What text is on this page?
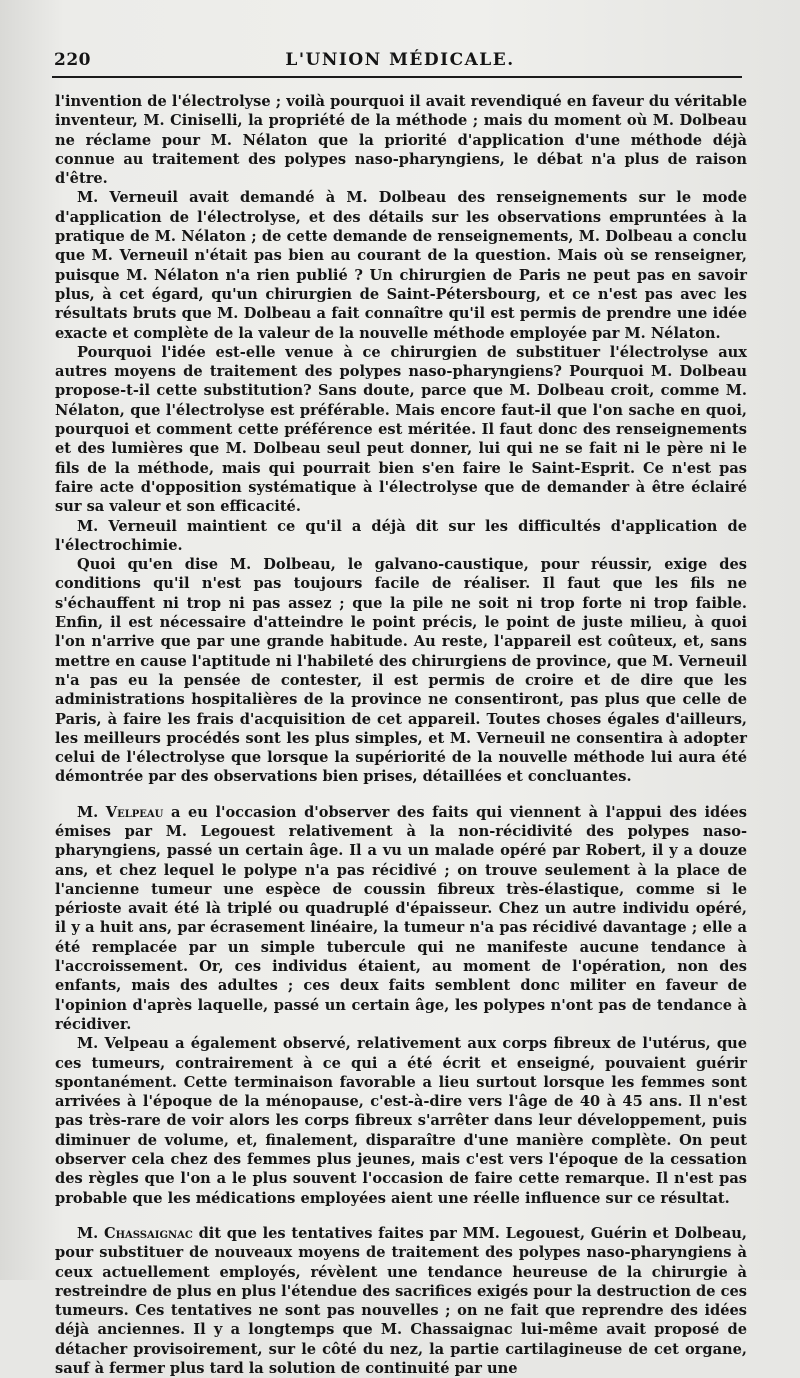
220	L'UNION MÉDICALE.

l'invention de l'électrolyse ; voilà pourquoi il avait revendiqué en faveur du véritable inventeur, M. Ciniselli, la propriété de la méthode ; mais du moment où M. Dolbeau ne réclame pour M. Nélaton que la priorité d'application d'une méthode déjà connue au traitement des polypes naso-pharyngiens, le débat n'a plus de raison d'être.

M. Verneuil avait demandé à M. Dolbeau des renseignements sur le mode d'application de l'électrolyse, et des détails sur les observations empruntées à la pratique de M. Nélaton ; de cette demande de renseignements, M. Dolbeau a conclu que M. Verneuil n'était pas bien au courant de la question. Mais où se renseigner, puisque M. Nélaton n'a rien publié ? Un chirurgien de Paris ne peut pas en savoir plus, à cet égard, qu'un chirurgien de Saint-Pétersbourg, et ce n'est pas avec les résultats bruts que M. Dolbeau a fait connaître qu'il est permis de prendre une idée exacte et complète de la valeur de la nouvelle méthode employée par M. Nélaton.

Pourquoi l'idée est-elle venue à ce chirurgien de substituer l'électrolyse aux autres moyens de traitement des polypes naso-pharyngiens? Pourquoi M. Dolbeau propose-t-il cette substitution? Sans doute, parce que M. Dolbeau croit, comme M. Nélaton, que l'électrolyse est préférable. Mais encore faut-il que l'on sache en quoi, pourquoi et comment cette préférence est méritée. Il faut donc des renseignements et des lumières que M. Dolbeau seul peut donner, lui qui ne se fait ni le père ni le fils de la méthode, mais qui pourrait bien s'en faire le Saint-Esprit. Ce n'est pas faire acte d'opposition systématique à l'électrolyse que de demander à être éclairé sur sa valeur et son efficacité.

M. Verneuil maintient ce qu'il a déjà dit sur les difficultés d'application de l'électrochimie.

Quoi qu'en dise M. Dolbeau, le galvano-caustique, pour réussir, exige des conditions qu'il n'est pas toujours facile de réaliser. Il faut que les fils ne s'échauffent ni trop ni pas assez ; que la pile ne soit ni trop forte ni trop faible. Enfin, il est nécessaire d'atteindre le point précis, le point de juste milieu, à quoi l'on n'arrive que par une grande habitude. Au reste, l'appareil est coûteux, et, sans mettre en cause l'aptitude ni l'habileté des chirurgiens de province, que M. Verneuil n'a pas eu la pensée de contester, il est permis de croire et de dire que les administrations hospitalières de la province ne consentiront, pas plus que celle de Paris, à faire les frais d'acquisition de cet appareil. Toutes choses égales d'ailleurs, les meilleurs procédés sont les plus simples, et M. Verneuil ne consentira à adopter celui de l'électrolyse que lorsque la supériorité de la nouvelle méthode lui aura été démontrée par des observations bien prises, détaillées et concluantes.

M. Velpeau a eu l'occasion d'observer des faits qui viennent à l'appui des idées émises par M. Legouest relativement à la non-récidivité des polypes naso-pharyngiens, passé un certain âge. Il a vu un malade opéré par Robert, il y a douze ans, et chez lequel le polype n'a pas récidivé ; on trouve seulement à la place de l'ancienne tumeur une espèce de coussin fibreux très-élastique, comme si le périoste avait été là triplé ou quadruplé d'épaisseur. Chez un autre individu opéré, il y a huit ans, par écrasement linéaire, la tumeur n'a pas récidivé davantage ; elle a été remplacée par un simple tubercule qui ne manifeste aucune tendance à l'accroissement. Or, ces individus étaient, au moment de l'opération, non des enfants, mais des adultes ; ces deux faits semblent donc militer en faveur de l'opinion d'après laquelle, passé un certain âge, les polypes n'ont pas de tendance à récidiver.

M. Velpeau a également observé, relativement aux corps fibreux de l'utérus, que ces tumeurs, contrairement à ce qui a été écrit et enseigné, pouvaient guérir spontanément. Cette terminaison favorable a lieu surtout lorsque les femmes sont arrivées à l'époque de la ménopause, c'est-à-dire vers l'âge de 40 à 45 ans. Il n'est pas très-rare de voir alors les corps fibreux s'arrêter dans leur développement, puis diminuer de volume, et, finalement, disparaître d'une manière complète. On peut observer cela chez des femmes plus jeunes, mais c'est vers l'époque de la cessation des règles que l'on a le plus souvent l'occasion de faire cette remarque. Il n'est pas probable que les médications employées aient une réelle influence sur ce résultat.

M. Chassaignac dit que les tentatives faites par MM. Legouest, Guérin et Dolbeau, pour substituer de nouveaux moyens de traitement des polypes naso-pharyngiens à ceux actuellement employés, révèlent une tendance heureuse de la chirurgie à restreindre de plus en plus l'étendue des sacrifices exigés pour la destruction de ces tumeurs. Ces tentatives ne sont pas nouvelles ; on ne fait que reprendre des idées déjà anciennes. Il y a longtemps que M. Chassaignac lui-même avait proposé de détacher provisoirement, sur le côté du nez, la partie cartilagineuse de cet organe, sauf à fermer plus tard la solution de continuité par une
